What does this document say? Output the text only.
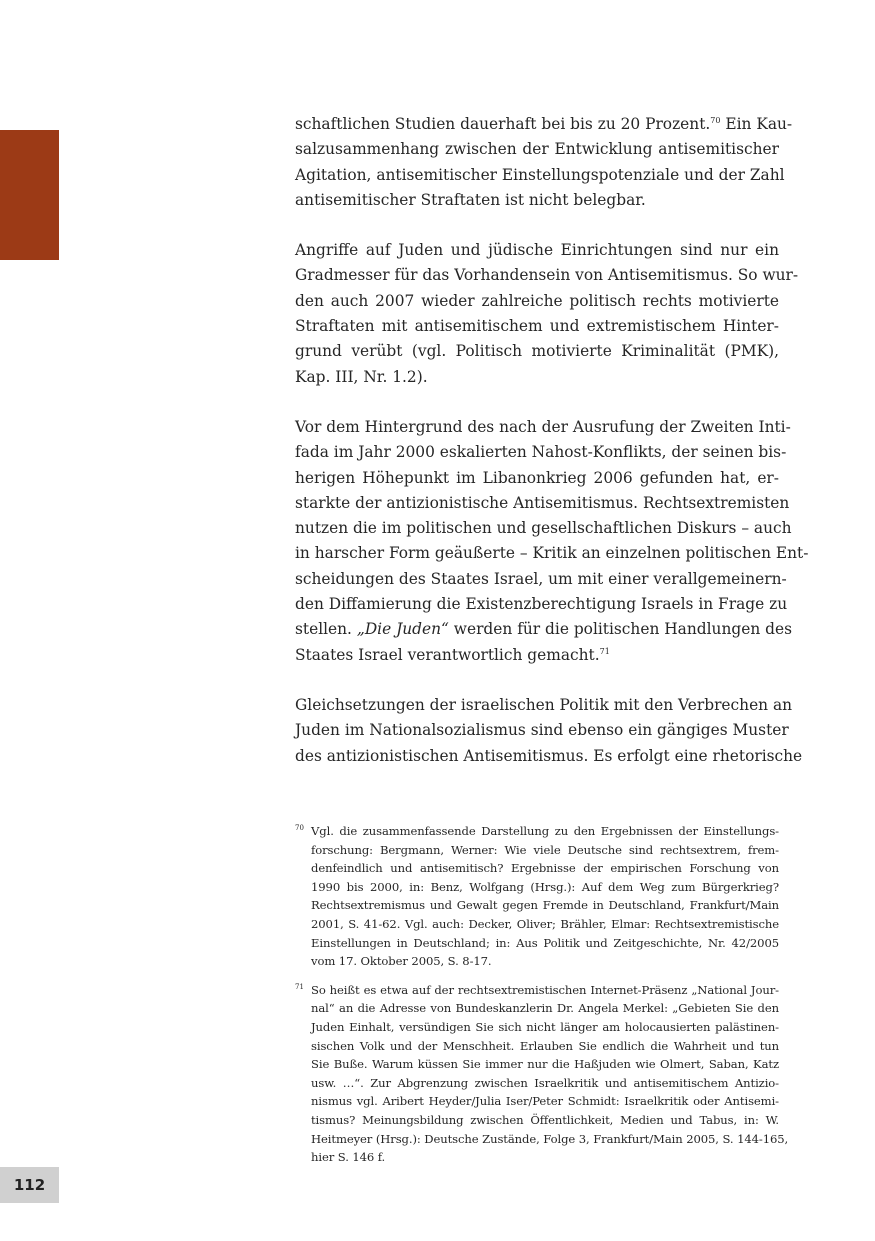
schaftlichen Studien dauerhaft bei bis zu 20 Prozent.$^{70}$ Ein Kau-
salzusammenhang zwischen der Entwicklung antisemitischer
Agitation, antisemitischer Einstellungspotenziale und der Zahl
antisemitischer Straftaten ist nicht belegbar.

Angriffe auf Juden und jüdische Einrichtungen sind nur ein
Gradmesser für das Vorhandensein von Antisemitismus. So wur-
den auch 2007 wieder zahlreiche politisch rechts motivierte
Straftaten mit antisemitischem und extremistischem Hinter-
grund verübt (vgl. Politisch motivierte Kriminalität (PMK),
Kap. III, Nr. 1.2).

Vor dem Hintergrund des nach der Ausrufung der Zweiten Inti-
fada im Jahr 2000 eskalierten Nahost-Konflikts, der seinen bis-
herigen Höhepunkt im Libanonkrieg 2006 gefunden hat, er-
starkte der antizionistische Antisemitismus. Rechtsextremisten
nutzen die im politischen und gesellschaftlichen Diskurs – auch
in harscher Form geäußerte – Kritik an einzelnen politischen Ent-
scheidungen des Staates Israel, um mit einer verallgemeinern-
den Diffamierung die Existenzberechtigung Israels in Frage zu
stellen. „Die Juden“ werden für die politischen Handlungen des
Staates Israel verantwortlich gemacht.$^{71}$

Gleichsetzungen der israelischen Politik mit den Verbrechen an
Juden im Nationalsozialismus sind ebenso ein gängiges Muster
des antizionistischen Antisemitismus. Es erfolgt eine rhetorische

70 Vgl. die zusammenfassende Darstellung zu den Ergebnissen der Einstellungs-
forschung: Bergmann, Werner: Wie viele Deutsche sind rechtsextrem, frem-
denfeindlich und antisemitisch? Ergebnisse der empirischen Forschung von
1990 bis 2000, in: Benz, Wolfgang (Hrsg.): Auf dem Weg zum Bürgerkrieg?
Rechtsextremismus und Gewalt gegen Fremde in Deutschland, Frankfurt/Main
2001, S. 41-62. Vgl. auch: Decker, Oliver; Brähler, Elmar: Rechtsextremistische
Einstellungen in Deutschland; in: Aus Politik und Zeitgeschichte, Nr. 42/2005
vom 17. Oktober 2005, S. 8-17.
71 So heißt es etwa auf der rechtsextremistischen Internet-Präsenz „National Jour-
nal“ an die Adresse von Bundeskanzlerin Dr. Angela Merkel: „Gebieten Sie den
Juden Einhalt, versündigen Sie sich nicht länger am holocausierten palästinen-
sischen Volk und der Menschheit. Erlauben Sie endlich die Wahrheit und tun
Sie Buße. Warum küssen Sie immer nur die Haßjuden wie Olmert, Saban, Katz
usw. …“. Zur Abgrenzung zwischen Israelkritik und antisemitischem Antizio-
nismus vgl. Aribert Heyder/Julia Iser/Peter Schmidt: Israelkritik oder Antisemi-
tismus? Meinungsbildung zwischen Öffentlichkeit, Medien und Tabus, in: W.
Heitmeyer (Hrsg.): Deutsche Zustände, Folge 3, Frankfurt/Main 2005, S. 144-165,
hier S. 146 f.
112
